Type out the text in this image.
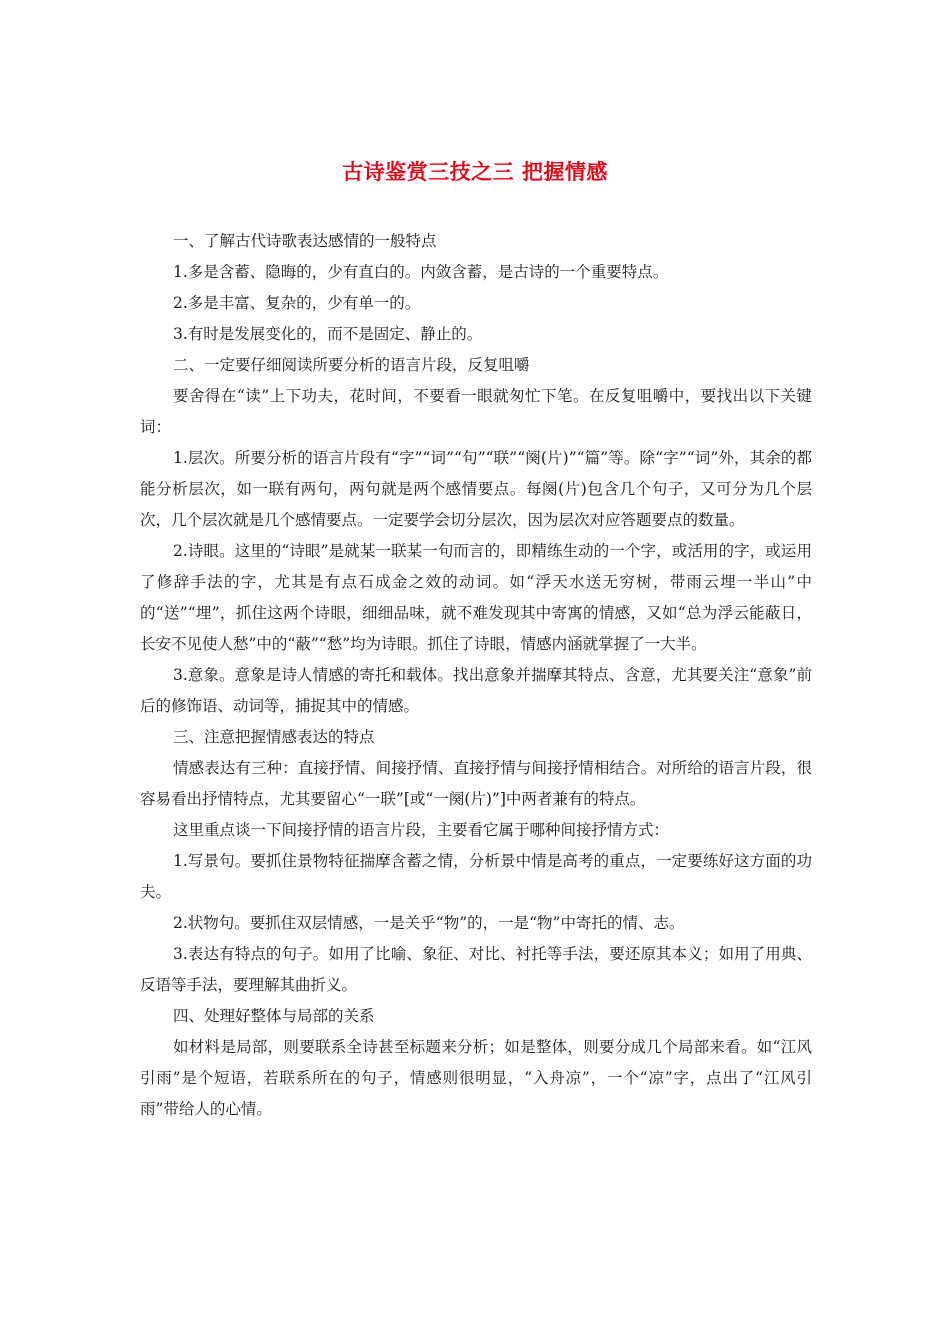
古诗鉴赏三技之三 把握情感

一、了解古代诗歌表达感情的一般特点

1.多是含蓄、隐晦的，少有直白的。内敛含蓄，是古诗的一个重要特点。

2.多是丰富、复杂的，少有单一的。

3.有时是发展变化的，而不是固定、静止的。

二、一定要仔细阅读所要分析的语言片段，反复咀嚼

要舍得在“读”上下功夫，花时间，不要看一眼就匆忙下笔。在反复咀嚼中，要找出以下关键词：

1.层次。所要分析的语言片段有“字”“词”“句”“联”“阕(片)”“篇”等。除“字”“词”外，其余的都能分析层次，如一联有两句，两句就是两个感情要点。每阕(片)包含几个句子，又可分为几个层次，几个层次就是几个感情要点。一定要学会切分层次，因为层次对应答题要点的数量。

2.诗眼。这里的“诗眼”是就某一联某一句而言的，即精练生动的一个字，或活用的字，或运用了修辞手法的字，尤其是有点石成金之效的动词。如“浮天水送无穷树，带雨云埋一半山”中的“送”“埋”，抓住这两个诗眼，细细品味，就不难发现其中寄寓的情感，又如“总为浮云能蔽日，长安不见使人愁”中的“蔽”“愁”均为诗眼。抓住了诗眼，情感内涵就掌握了一大半。

3.意象。意象是诗人情感的寄托和载体。找出意象并揣摩其特点、含意，尤其要关注“意象”前后的修饰语、动词等，捕捉其中的情感。

三、注意把握情感表达的特点

情感表达有三种：直接抒情、间接抒情、直接抒情与间接抒情相结合。对所给的语言片段，很容易看出抒情特点，尤其要留心“一联”[或“一阕(片)”]中两者兼有的特点。

这里重点谈一下间接抒情的语言片段，主要看它属于哪种间接抒情方式：

1.写景句。要抓住景物特征揣摩含蓄之情，分析景中情是高考的重点，一定要练好这方面的功夫。

2.状物句。要抓住双层情感，一是关乎“物”的，一是“物”中寄托的情、志。

3.表达有特点的句子。如用了比喻、象征、对比、衬托等手法，要还原其本义；如用了用典、反语等手法，要理解其曲折义。

四、处理好整体与局部的关系

如材料是局部，则要联系全诗甚至标题来分析；如是整体，则要分成几个局部来看。如“江风引雨”是个短语，若联系所在的句子，情感则很明显，“入舟凉”，一个“凉”字，点出了“江风引雨”带给人的心情。
